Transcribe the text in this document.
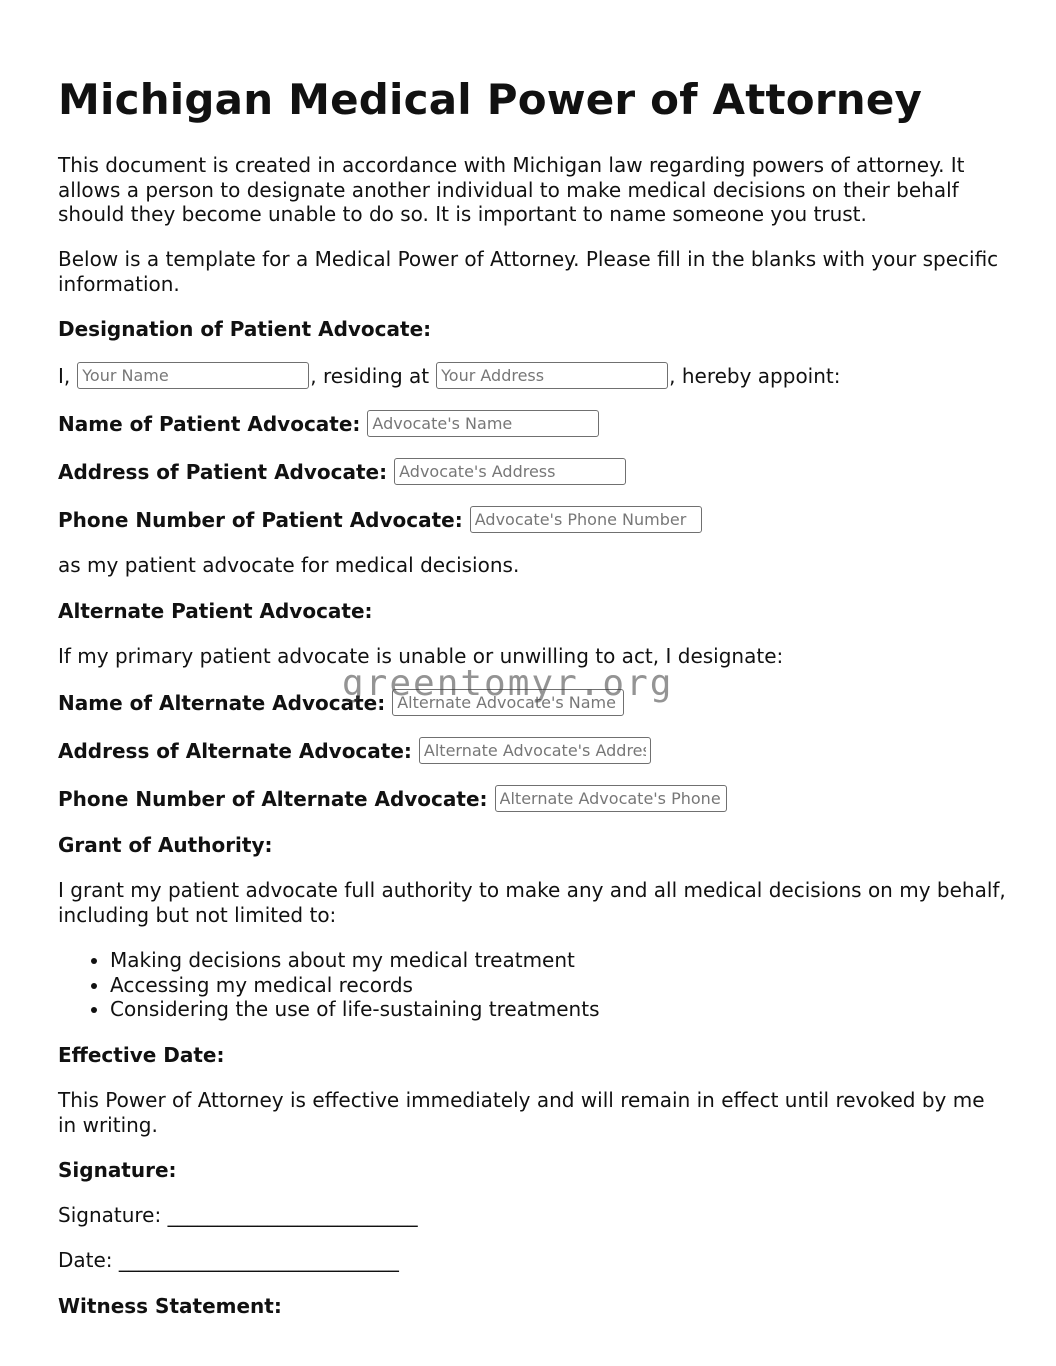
Michigan Medical Power of Attorney

This document is created in accordance with Michigan law regarding powers of attorney. It allows a person to designate another individual to make medical decisions on their behalf should they become unable to do so. It is important to name someone you trust.

Below is a template for a Medical Power of Attorney. Please fill in the blanks with your specific information.

Designation of Patient Advocate:
I,
Your Name	, residing at
Your Address	, hereby appoint:
Name of Patient Advocate:
Advocate's Name
Address of Patient Advocate:
Advocate's Address
Phone Number of Patient Advocate:
Advocate's Phone Number

as my patient advocate for medical decisions.

Alternate Patient Advocate:

If my primary patient advocate is unable or unwilling to act, I designate:

Name of Alternate Advocate:
Alternate Advocate's Name
Address of Alternate Advocate:
Alternate Advocate's Address
Phone Number of Alternate Advocate:
Alternate Advocate's Phone Number
Grant of Authority:

I grant my patient advocate full authority to make any and all medical decisions on my behalf, including but not limited to:

• Making decisions about my medical treatment
• Accessing my medical records
• Considering the use of life-sustaining treatments
Effective Date:

This Power of Attorney is effective immediately and will remain in effect until revoked by me in writing.

Signature:
Signature: _________________________
Date: ____________________________
Witness Statement:
greentomyr.org
